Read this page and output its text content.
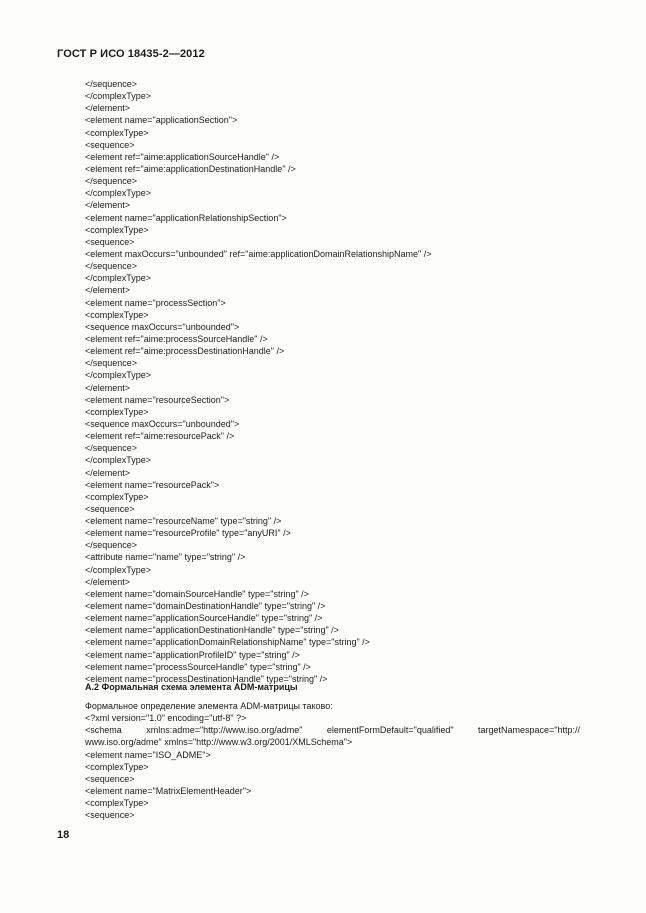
ГОСТ Р ИСО 18435-2—2012
</sequence>
</complexType>
</element>
<element name="applicationSection">
<complexType>
<sequence>
<element ref="aime:applicationSourceHandle" />
<element ref="aime:applicationDestinationHandle" />
</sequence>
</complexType>
</element>
<element name="applicationRelationshipSection">
<complexType>
<sequence>
<element maxOccurs="unbounded" ref="aime:applicationDomainRelationshipName" />
</sequence>
</complexType>
</element>
<element name="processSection">
<complexType>
<sequence maxOccurs="unbounded">
<element ref="aime:processSourceHandle" />
<element ref="aime:processDestinationHandle" />
</sequence>
</complexType>
</element>
<element name="resourceSection">
<complexType>
<sequence maxOccurs="unbounded">
<element ref="aime:resourcePack" />
</sequence>
</complexType>
</element>
<element name="resourcePack">
<complexType>
<sequence>
<element name="resourceName" type="string" />
<element name="resourceProfile" type="anyURI" />
</sequence>
<attribute name="name" type="string" />
</complexType>
</element>
<element name="domainSourceHandle" type="string" />
<element name="domainDestinationHandle" type="string" />
<element name="applicationSourceHandle" type="string" />
<element name="applicationDestinationHandle" type="string" />
<element name="applicationDomainRelationshipName" type="string" />
<element name="applicationProfileID" type="string" />
<element name="processSourceHandle" type="string" />
<element name="processDestinationHandle" type="string" />
A.2 Формальная схема элемента ADM-матрицы
Формальное определение элемента ADM-матрицы таково:
<?xml version="1.0" encoding="utf-8" ?>
<schema xmlns:adme="http://www.iso.org/adme" elementFormDefault="qualified" targetNamespace="http://
www.iso.org/adme" xmlns="http://www.w3.org/2001/XMLSchema">
<element name="ISO_ADME">
<complexType>
<sequence>
<element name="MatrixElementHeader">
<complexType>
<sequence>
18
